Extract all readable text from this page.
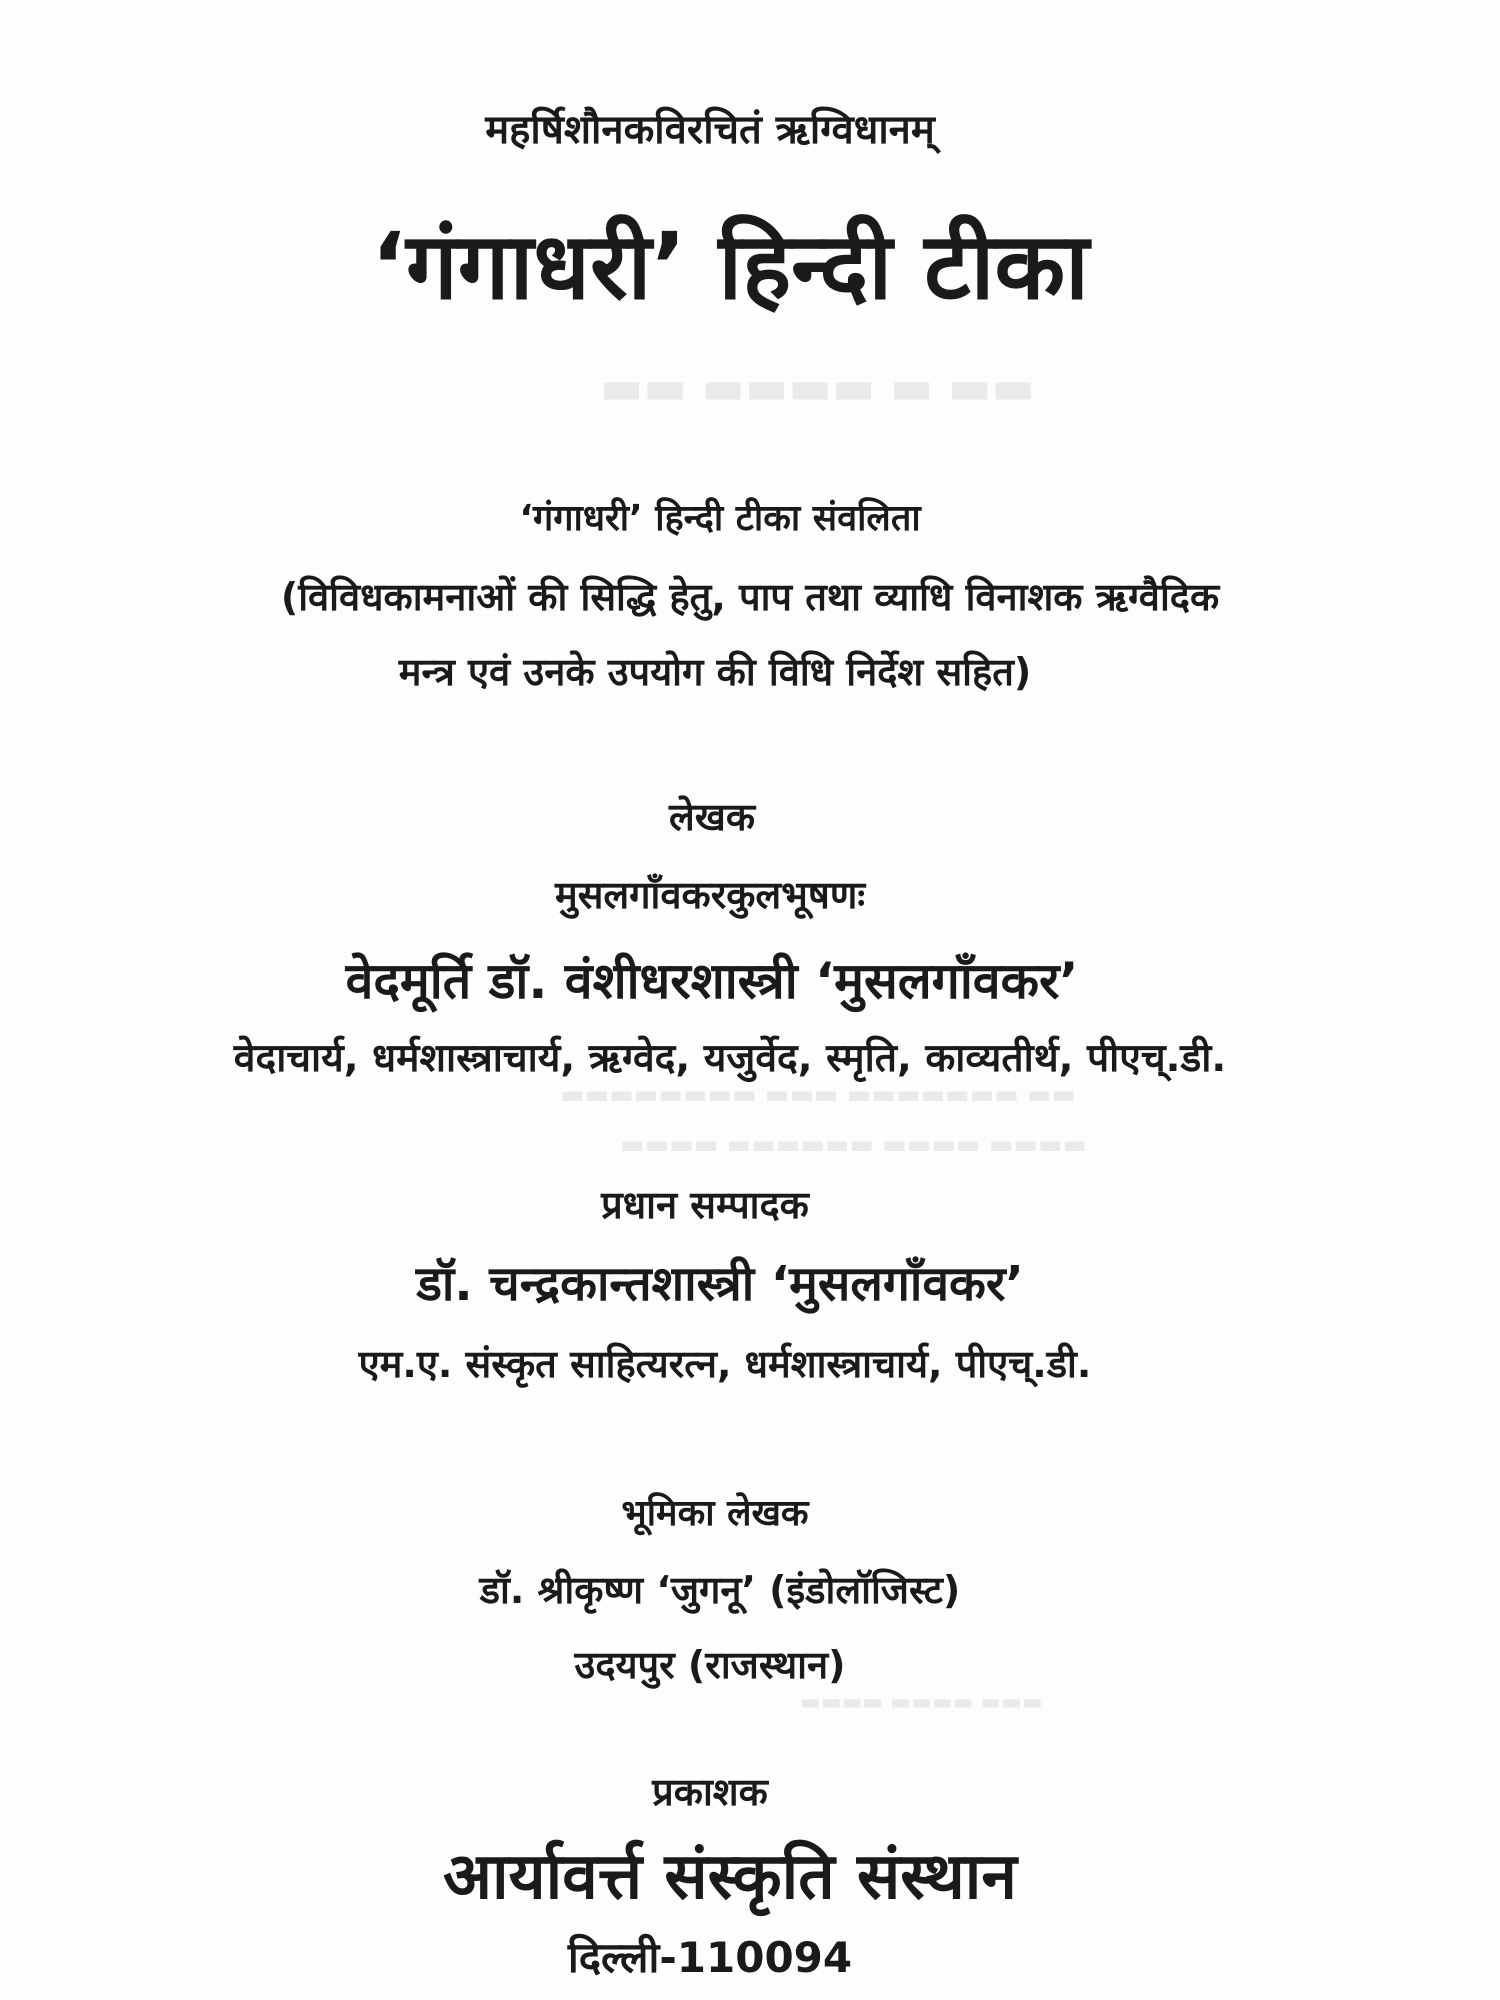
▬▬ ▬▬▬▬ ▬ ▬▬
▬▬▬▬▬▬▬▬ ▬▬▬ ▬▬▬▬▬▬▬ ▬▬
▬▬▬▬ ▬▬▬▬▬▬ ▬▬▬▬ ▬▬▬▬
▬▬▬▬ ▬▬▬▬ ▬▬▬
महर्षिशौनकविरचितं ऋग्विधानम्
‘गंगाधरी’ हिन्दी टीका
‘गंगाधरी’ हिन्दी टीका संवलिता
(विविधकामनाओं की सिद्धि हेतु, पाप तथा व्याधि विनाशक ऋग्वैदिक
मन्त्र एवं उनके उपयोग की विधि निर्देश सहित)
लेखक
मुसलगाँवकरकुलभूषणः
वेदमूर्ति डॉ. वंशीधरशास्त्री ‘मुसलगाँवकर’
वेदाचार्य, धर्मशास्त्राचार्य, ऋग्वेद, यजुर्वेद, स्मृति, काव्यतीर्थ, पीएच्.डी.
प्रधान सम्पादक
डॉ. चन्द्रकान्तशास्त्री ‘मुसलगाँवकर’
एम.ए. संस्कृत साहित्यरत्न, धर्मशास्त्राचार्य, पीएच्.डी.
भूमिका लेखक
डॉ. श्रीकृष्ण ‘जुगनू’ (इंडोलॉजिस्ट)
उदयपुर (राजस्थान)
प्रकाशक
आर्यावर्त्त संस्कृति संस्थान
दिल्ली-110094
